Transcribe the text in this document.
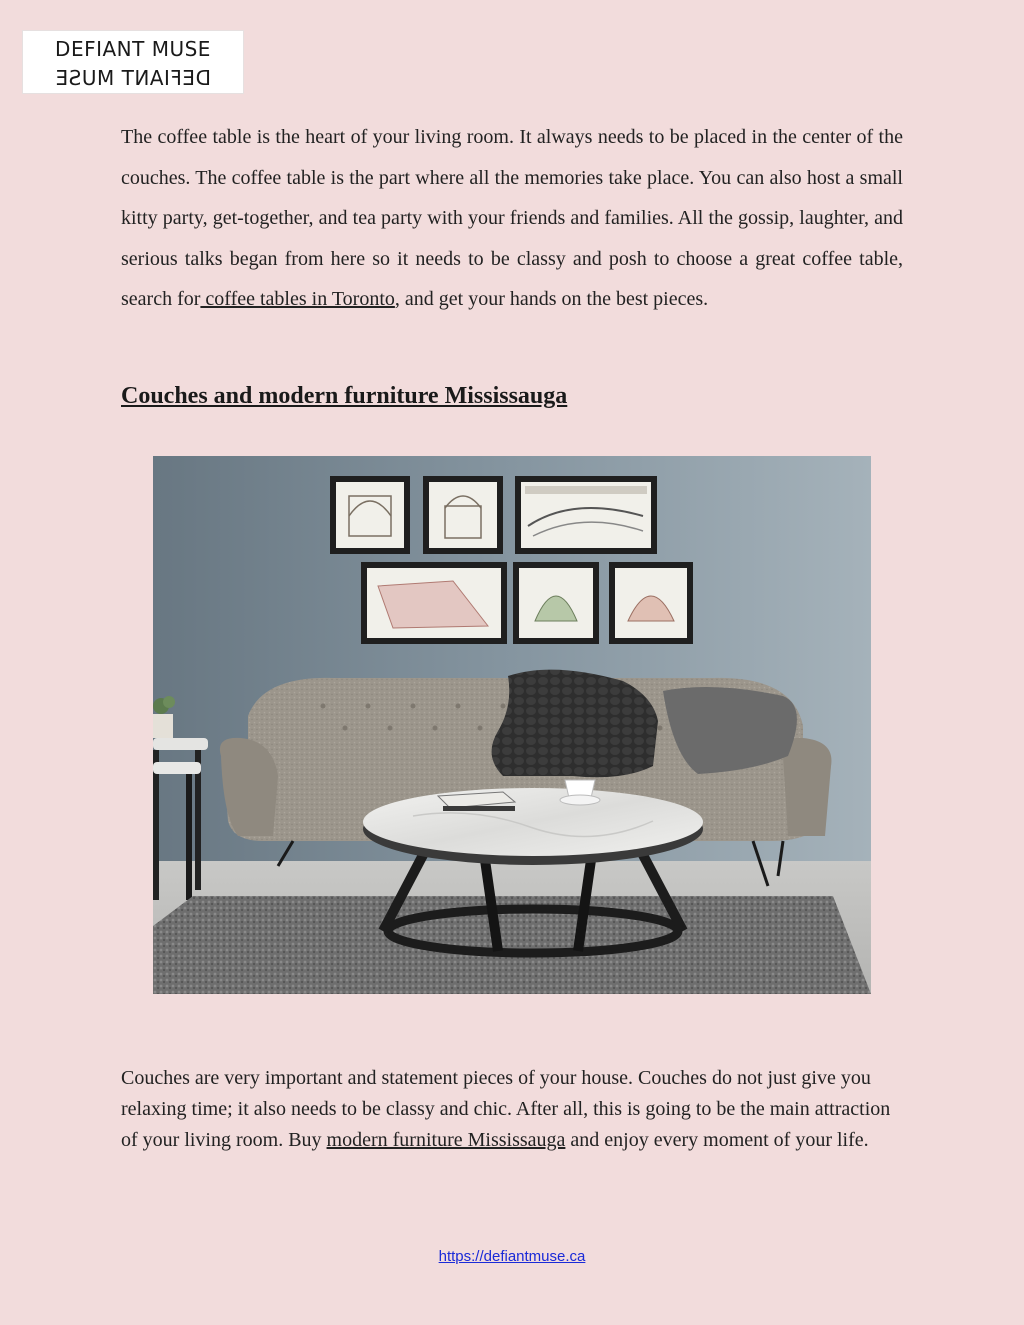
DEFIANT MUSE
DEFIANT MUSE

The coffee table is the heart of your living room. It always needs to be placed in the center of the couches. The coffee table is the part where all the memories take place. You can also host a small kitty party, get-together, and tea party with your friends and families. All the gossip, laughter, and serious talks began from here so it needs to be classy and posh to choose a great coffee table, search for coffee tables in Toronto, and get your hands on the best pieces.

Couches and modern furniture Mississauga

Couches are very important and statement pieces of your house. Couches do not just give you relaxing time; it also needs to be classy and chic. After all, this is going to be the main attraction of your living room. Buy modern furniture Mississauga and enjoy every moment of your life.

https://defiantmuse.ca
